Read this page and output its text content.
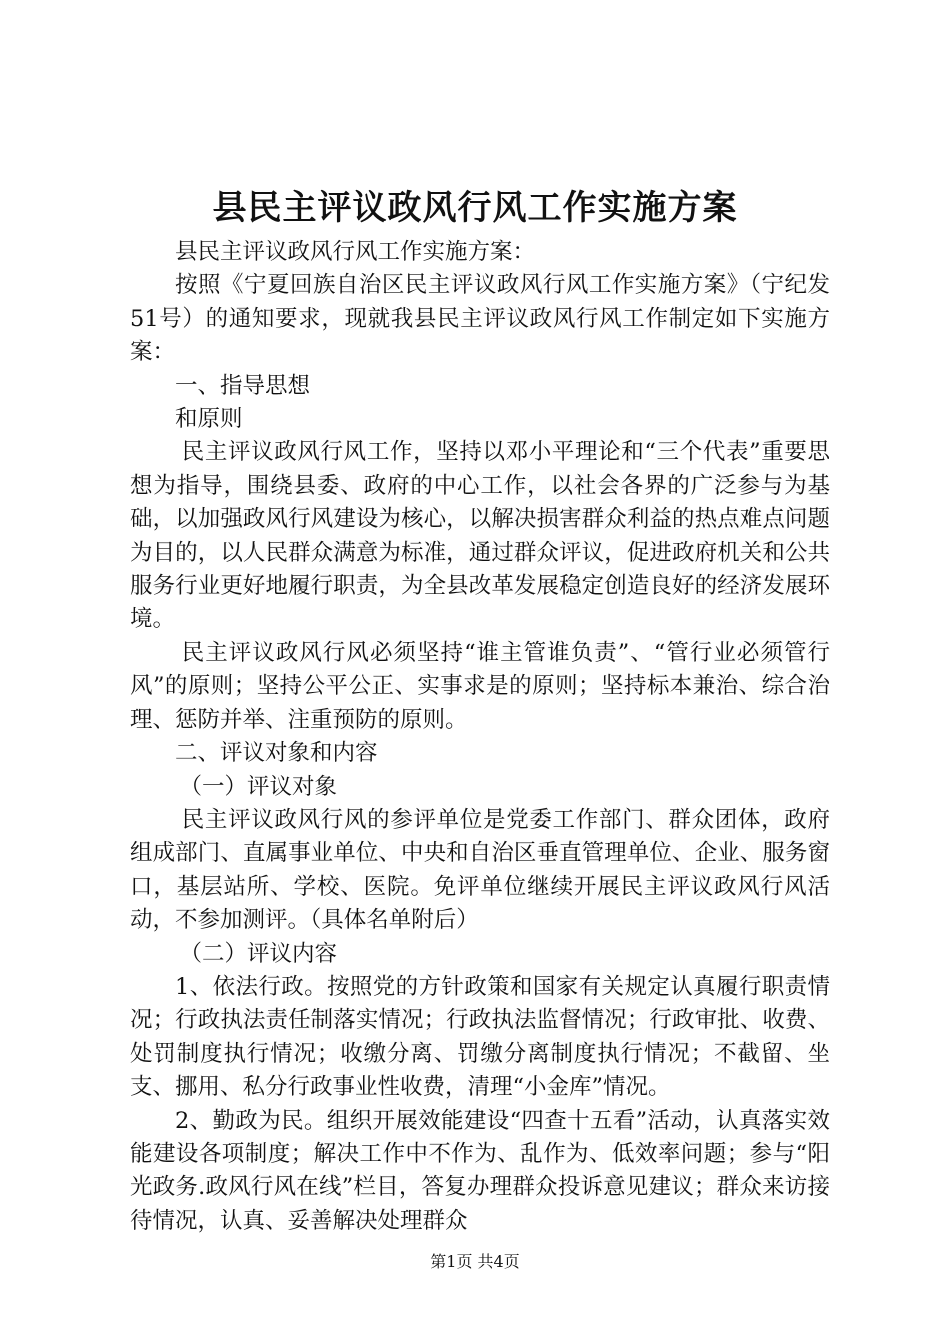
县民主评议政风行风工作实施方案

县民主评议政风行风工作实施方案：

按照《宁夏回族自治区民主评议政风行风工作实施方案》（宁纪发51号）的通知要求，现就我县民主评议政风行风工作制定如下实施方案：

一、指导思想

和原则

民主评议政风行风工作，坚持以邓小平理论和“三个代表”重要思想为指导，围绕县委、政府的中心工作，以社会各界的广泛参与为基础，以加强政风行风建设为核心，以解决损害群众利益的热点难点问题为目的，以人民群众满意为标准，通过群众评议，促进政府机关和公共服务行业更好地履行职责，为全县改革发展稳定创造良好的经济发展环境。

民主评议政风行风必须坚持“谁主管谁负责”、“管行业必须管行风”的原则；坚持公平公正、实事求是的原则；坚持标本兼治、综合治理、惩防并举、注重预防的原则。

二、评议对象和内容

（一）评议对象

民主评议政风行风的参评单位是党委工作部门、群众团体，政府组成部门、直属事业单位、中央和自治区垂直管理单位、企业、服务窗口，基层站所、学校、医院。免评单位继续开展民主评议政风行风活动，不参加测评。（具体名单附后）

（二）评议内容

1、依法行政。按照党的方针政策和国家有关规定认真履行职责情况；行政执法责任制落实情况；行政执法监督情况；行政审批、收费、处罚制度执行情况；收缴分离、罚缴分离制度执行情况；不截留、坐支、挪用、私分行政事业性收费，清理“小金库”情况。

2、勤政为民。组织开展效能建设“四查十五看”活动，认真落实效能建设各项制度；解决工作中不作为、乱作为、低效率问题；参与“阳光政务.政风行风在线”栏目，答复办理群众投诉意见建议；群众来访接待情况，认真、妥善解决处理群众

第1页 共4页
